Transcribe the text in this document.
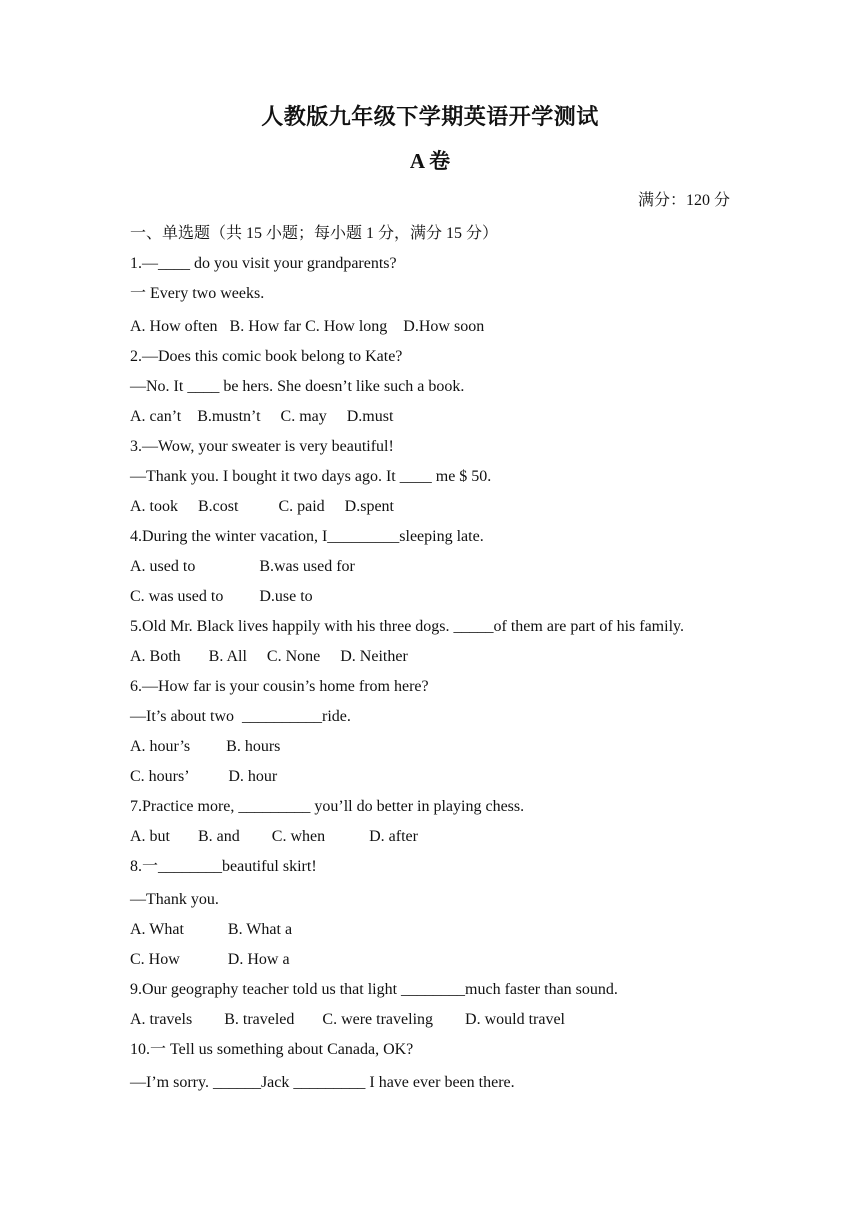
人教版九年级下学期英语开学测试
A 卷
满分：120 分
一、单选题（共 15 小题；每小题 1 分，满分 15 分）
1.—____ do you visit your grandparents?
一 Every two weeks.
A. How often   B. How far C. How long    D.How soon
2.—Does this comic book belong to Kate?
—No. It ____ be hers. She doesn’t like such a book.
A. can’t    B.mustn’t     C. may     D.must
3.—Wow, your sweater is very beautiful!
—Thank you. I bought it two days ago. It ____ me $ 50.
A. took     B.cost          C. paid     D.spent
4.During the winter vacation, I_________sleeping late.
A. used to                B.was used for
C. was used to         D.use to
5.Old Mr. Black lives happily with his three dogs. _____of them are part of his family.
A. Both       B. All     C. None     D. Neither
6.—How far is your cousin’s home from here?
—It’s about two  __________ride.
A. hour’s         B. hours
C. hours’          D. hour
7.Practice more, _________ you’ll do better in playing chess.
A. but       B. and        C. when           D. after
8.一________beautiful skirt!
—Thank you.
A. What           B. What a
C. How            D. How a
9.Our geography teacher told us that light ________much faster than sound.
A. travels        B. traveled       C. were traveling        D. would travel
10.一 Tell us something about Canada, OK?
—I’m sorry. ______Jack _________ I have ever been there.
